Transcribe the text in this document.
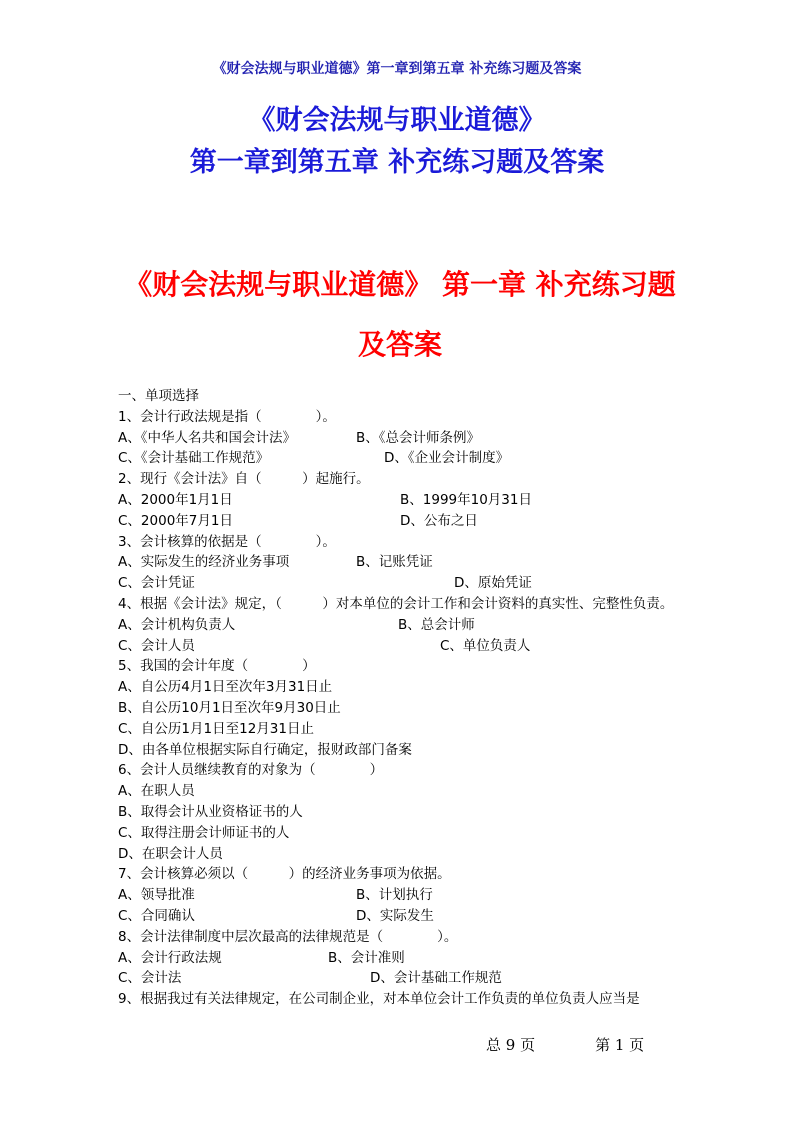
《财会法规与职业道德》第一章到第五章 补充练习题及答案
《财会法规与职业道德》
第一章到第五章 补充练习题及答案
《财会法规与职业道德》 第一章 补充练习题及答案
一、单项选择
1、会计行政法规是指（　　　　）。
A、《中华人名共和国会计法》	B、《总会计师条例》
C、《会计基础工作规范》	D、《企业会计制度》
2、现行《会计法》自（　　　）起施行。
A、2000年1月1日	B、1999年10月31日
C、2000年7月1日	D、公布之日
3、会计核算的依据是（　　　　）。
A、实际发生的经济业务事项	B、记账凭证
C、会计凭证	D、原始凭证
4、根据《会计法》规定，（　　　）对本单位的会计工作和会计资料的真实性、完整性负责。
A、会计机构负责人	B、总会计师
C、会计人员	C、单位负责人
5、我国的会计年度（　　　　）
A、自公历4月1日至次年3月31日止
B、自公历10月1日至次年9月30日止
C、自公历1月1日至12月31日止
D、由各单位根据实际自行确定，报财政部门备案
6、会计人员继续教育的对象为（　　　　）
A、在职人员
B、取得会计从业资格证书的人
C、取得注册会计师证书的人
D、在职会计人员
7、会计核算必须以（　　　）的经济业务事项为依据。
A、领导批准	B、计划执行
C、合同确认	D、实际发生
8、会计法律制度中层次最高的法律规范是（　　　　）。
A、会计行政法规	B、会计准则
C、会计法	D、会计基础工作规范
9、根据我过有关法律规定，在公司制企业，对本单位会计工作负责的单位负责人应当是
总 9 页	第 1 页
